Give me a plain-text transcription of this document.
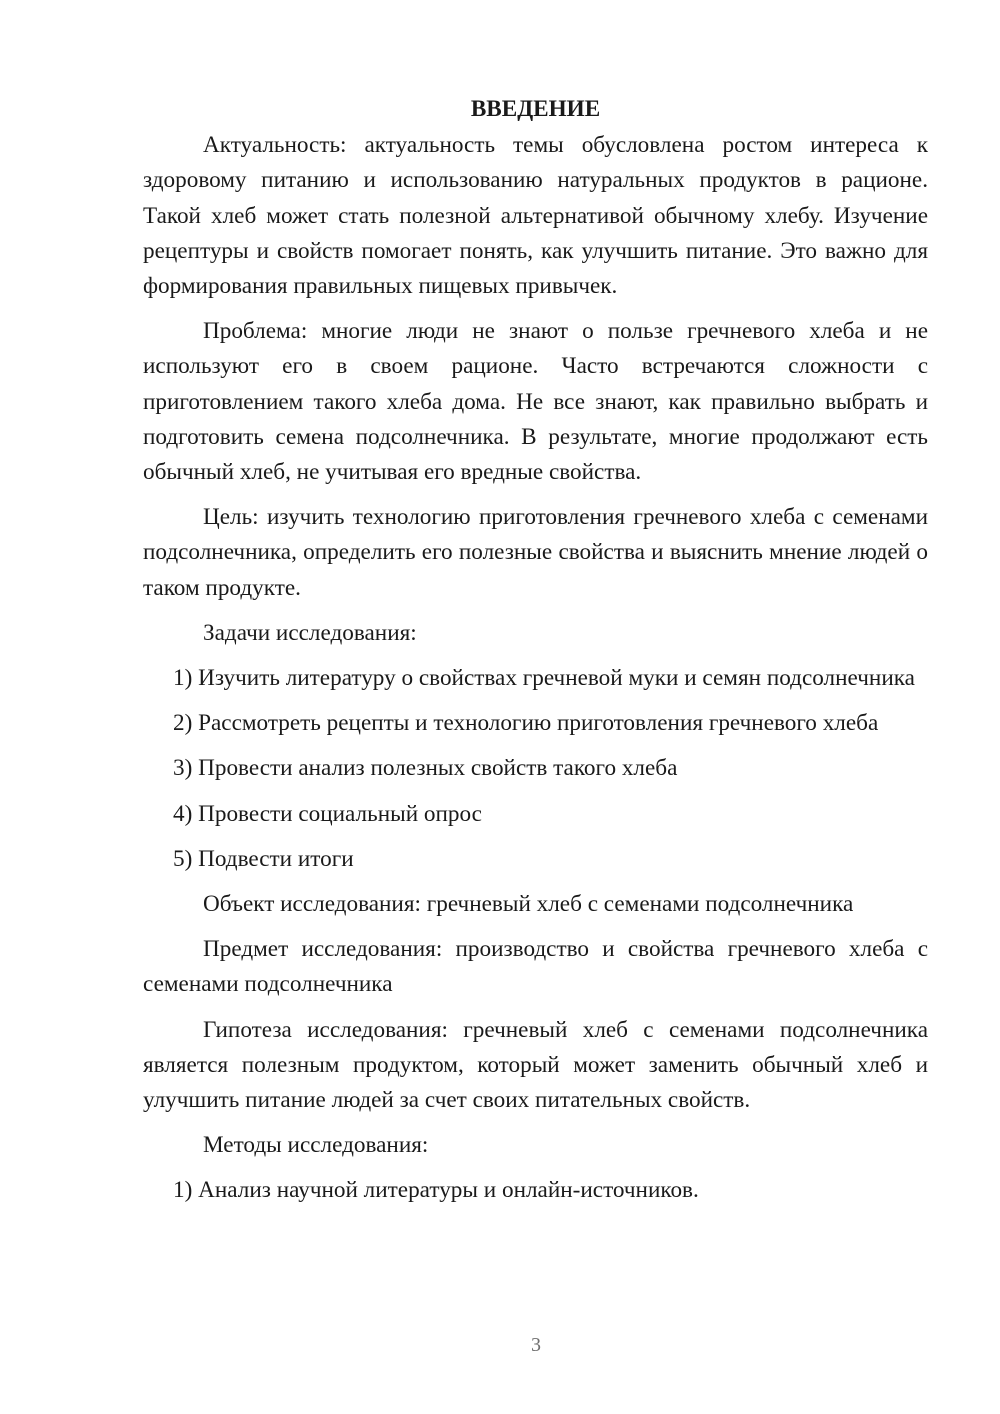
ВВЕДЕНИЕ

Актуальность: актуальность темы обусловлена ростом интереса к здоровому питанию и использованию натуральных продуктов в рационе. Такой хлеб может стать полезной альтернативой обычному хлебу. Изучение рецептуры и свойств помогает понять, как улучшить питание. Это важно для формирования правильных пищевых привычек.

Проблема: многие люди не знают о пользе гречневого хлеба и не используют его в своем рационе. Часто встречаются сложности с приготовлением такого хлеба дома. Не все знают, как правильно выбрать и подготовить семена подсолнечника. В результате, многие продолжают есть обычный хлеб, не учитывая его вредные свойства.

Цель: изучить технологию приготовления гречневого хлеба с семенами подсолнечника, определить его полезные свойства и выяснить мнение людей о таком продукте.

Задачи исследования:

1) Изучить литературу о свойствах гречневой муки и семян подсолнечника

2) Рассмотреть рецепты и технологию приготовления гречневого хлеба

3) Провести анализ полезных свойств такого хлеба

4) Провести социальный опрос

5) Подвести итоги

Объект исследования: гречневый хлеб с семенами подсолнечника

Предмет исследования: производство и свойства гречневого хлеба с семенами подсолнечника

Гипотеза исследования: гречневый хлеб с семенами подсолнечника является полезным продуктом, который может заменить обычный хлеб и улучшить питание людей за счет своих питательных свойств.

Методы исследования:

1) Анализ научной литературы и онлайн-источников.

3
